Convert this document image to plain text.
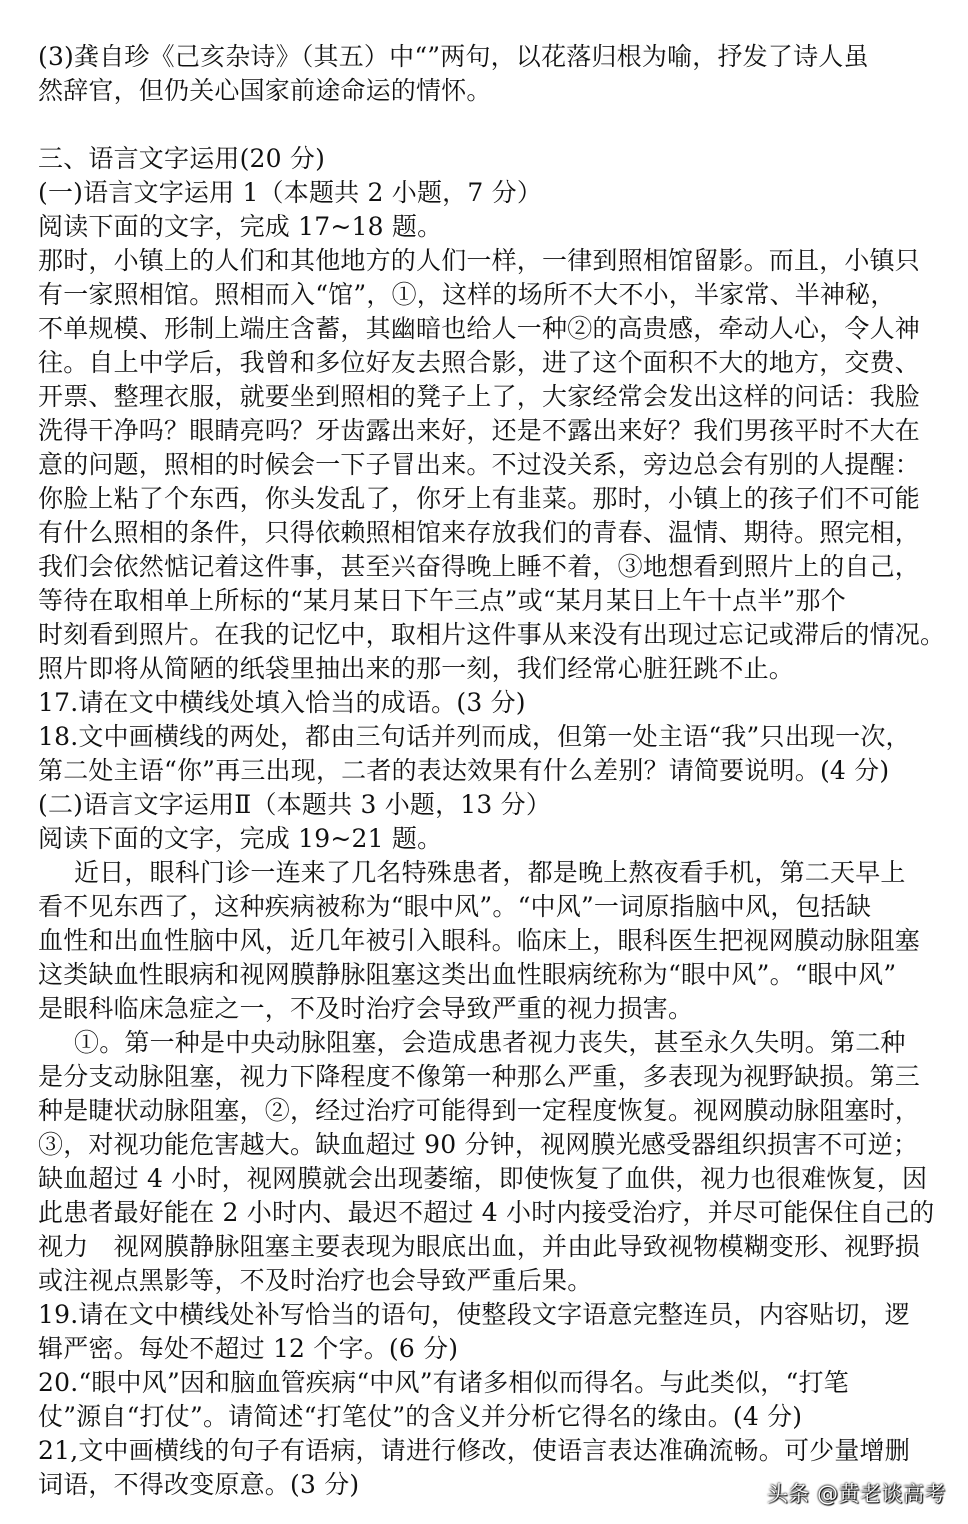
(3)龚自珍《己亥杂诗》（其五）中“”两句，以花落归根为喻，抒发了诗人虽
然辞官，但仍关心国家前途命运的情怀。
三、语言文字运用(20 分)
(一)语言文字运用 1（本题共 2 小题，7 分）
阅读下面的文字，完成 17~18 题。
那时，小镇上的人们和其他地方的人们一样，一律到照相馆留影。而且，小镇只
有一家照相馆。照相而入“馆”，①，这样的场所不大不小，半家常、半神秘，
不单规模、形制上端庄含蓄，其幽暗也给人一种②的高贵感，牵动人心，令人神
往。自上中学后，我曾和多位好友去照合影，进了这个面积不大的地方，交费、
开票、整理衣服，就要坐到照相的凳子上了，大家经常会发出这样的问话：我脸
洗得干净吗？眼睛亮吗？牙齿露出来好，还是不露出来好？我们男孩平时不大在
意的问题，照相的时候会一下子冒出来。不过没关系，旁边总会有别的人提醒：
你脸上粘了个东西，你头发乱了，你牙上有韭菜。那时，小镇上的孩子们不可能
有什么照相的条件，只得依赖照相馆来存放我们的青春、温情、期待。照完相，
我们会依然惦记着这件事，甚至兴奋得晚上睡不着，③地想看到照片上的自己，
等待在取相单上所标的“某月某日下午三点”或“某月某日上午十点半”那个
时刻看到照片。在我的记忆中，取相片这件事从来没有出现过忘记或滞后的情况。
照片即将从简陋的纸袋里抽出来的那一刻，我们经常心脏狂跳不止。
17.请在文中横线处填入恰当的成语。(3 分)
18.文中画横线的两处，都由三句话并列而成，但第一处主语“我”只出现一次，
第二处主语“你”再三出现，二者的表达效果有什么差别？请简要说明。(4 分)
(二)语言文字运用Ⅱ（本题共 3 小题，13 分）
阅读下面的文字，完成 19~21 题。
近日，眼科门诊一连来了几名特殊患者，都是晚上熬夜看手机，第二天早上
看不见东西了，这种疾病被称为“眼中风”。“中风”一词原指脑中风，包括缺
血性和出血性脑中风，近几年被引入眼科。临床上，眼科医生把视网膜动脉阻塞
这类缺血性眼病和视网膜静脉阻塞这类出血性眼病统称为“眼中风”。“眼中风”
是眼科临床急症之一，不及时治疗会导致严重的视力损害。
①。第一种是中央动脉阻塞，会造成患者视力丧失，甚至永久失明。第二种
是分支动脉阻塞，视力下降程度不像第一种那么严重，多表现为视野缺损。第三
种是睫状动脉阻塞，②，经过治疗可能得到一定程度恢复。视网膜动脉阻塞时，
③，对视功能危害越大。缺血超过 90 分钟，视网膜光感受器组织损害不可逆；
缺血超过 4 小时，视网膜就会出现萎缩，即使恢复了血供，视力也很难恢复，因
此患者最好能在 2 小时内、最迟不超过 4 小时内接受治疗，并尽可能保住自己的
视力　视网膜静脉阻塞主要表现为眼底出血，并由此导致视物模糊变形、视野损
或注视点黑影等，不及时治疗也会导致严重后果。
19.请在文中横线处补写恰当的语句，使整段文字语意完整连员，内容贴切，逻
辑严密。每处不超过 12 个字。(6 分)
20.“眼中风”因和脑血管疾病“中风”有诸多相似而得名。与此类似，“打笔
仗”源自“打仗”。请简述“打笔仗”的含义并分析它得名的缘由。(4 分)
21,文中画横线的句子有语病，请进行修改，使语言表达准确流畅。可少量增删
词语，不得改变原意。(3 分)	头条 @黄老谈高考
